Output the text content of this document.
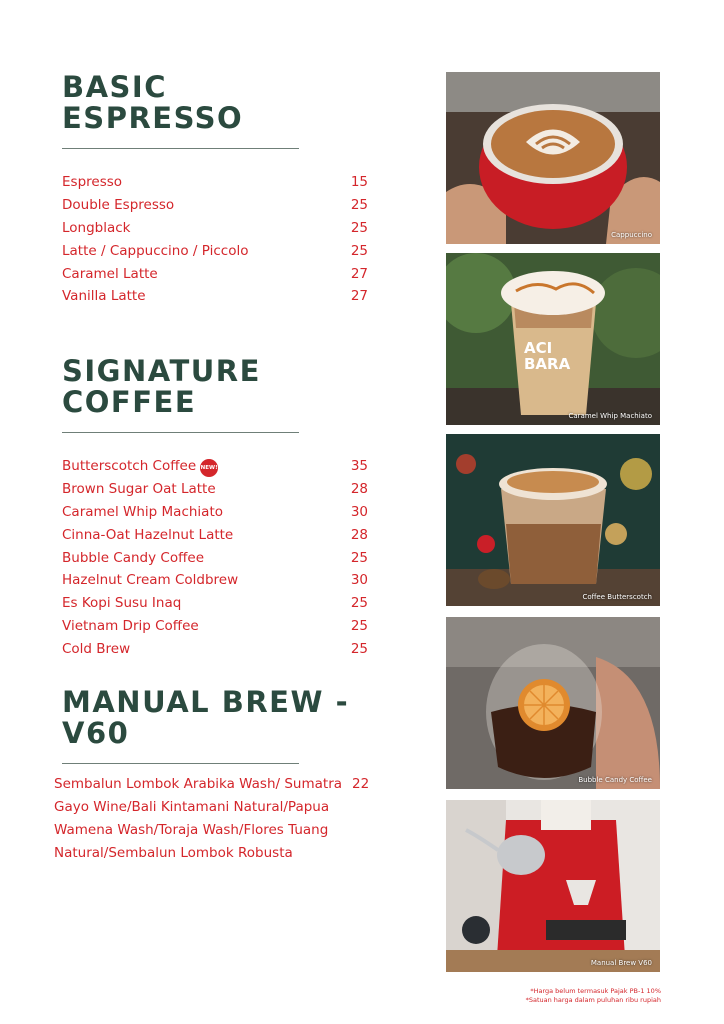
BASIC
ESPRESSO
Espresso	15
Double Espresso	25
Longblack	25
Latte / Cappuccino / Piccolo	25
Caramel Latte	27
Vanilla Latte	27
SIGNATURE
COFFEE
Butterscotch Coffee NEW!	35
Brown Sugar Oat Latte	28
Caramel Whip Machiato	30
Cinna-Oat Hazelnut Latte	28
Bubble Candy Coffee	25
Hazelnut Cream Coldbrew	30
Es Kopi Susu Inaq	25
Vietnam Drip Coffee	25
Cold Brew	25
MANUAL BREW -
V60
Sembalun Lombok Arabika Wash/ Sumatra Gayo Wine/Bali Kintamani Natural/Papua Wamena Wash/Toraja Wash/Flores Tuang Natural/Sembalun Lombok Robusta
22
Cappuccino
ACI
BARA
Caramel Whip Machiato
Coffee Butterscotch
Bubble Candy Coffee
Manual Brew V60
*Harga belum termasuk Pajak PB-1 10%
*Satuan harga dalam puluhan ribu rupiah
